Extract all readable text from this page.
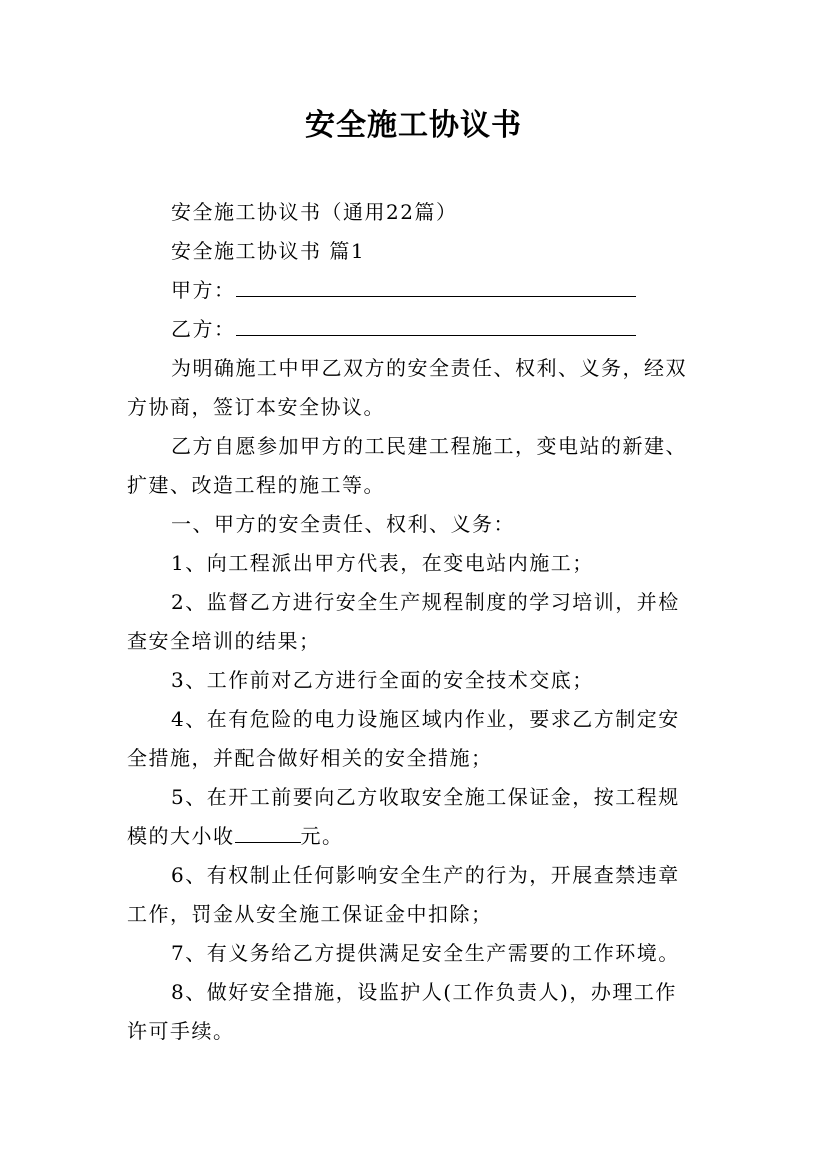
安全施工协议书
安全施工协议书（通用22篇）
安全施工协议书 篇1
甲方：
乙方：
为明确施工中甲乙双方的安全责任、权利、义务，经双
方协商，签订本安全协议。
乙方自愿参加甲方的工民建工程施工，变电站的新建、
扩建、改造工程的施工等。
一、甲方的安全责任、权利、义务：
1、向工程派出甲方代表，在变电站内施工；
2、监督乙方进行安全生产规程制度的学习培训，并检
查安全培训的结果；
3、工作前对乙方进行全面的安全技术交底；
4、在有危险的电力设施区域内作业，要求乙方制定安
全措施，并配合做好相关的安全措施；
5、在开工前要向乙方收取安全施工保证金，按工程规
模的大小收	元。
6、有权制止任何影响安全生产的行为，开展查禁违章
工作，罚金从安全施工保证金中扣除；
7、有义务给乙方提供满足安全生产需要的工作环境。
8、做好安全措施，设监护人(工作负责人)，办理工作
许可手续。
